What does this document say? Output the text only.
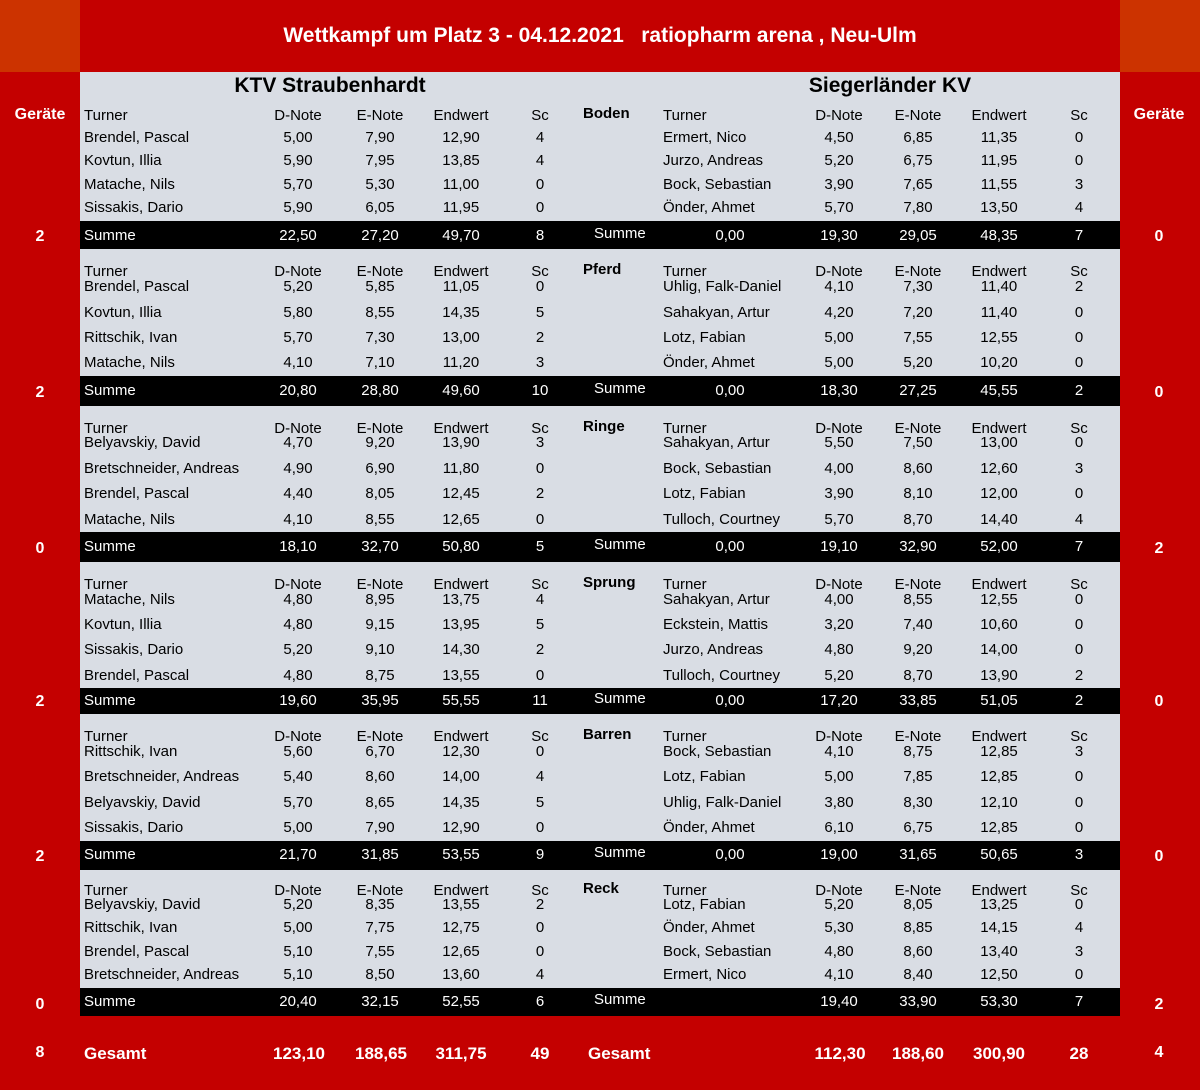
Wettkampf um Platz 3 - 04.12.2021   ratiopharm arena , Neu-Ulm
KTV Straubenhardt	Siegerländer KV
Geräte	Geräte
Turner	D-Note E-Note Endwert	Sc Boden Turner	D-Note E-Note Endwert	Sc
Brendel, Pascal	5,00	7,90	12,90	4	Ermert, Nico	4,50	6,85	11,35	0
Kovtun, Illia	5,90	7,95	13,85	4	Jurzo, Andreas	5,20	6,75	11,95	0
Matache, Nils	5,70	5,30	11,00	0	Bock, Sebastian	3,90	7,65	11,55	3
Sissakis, Dario	5,90	6,05	11,95	0	Önder, Ahmet	5,70	7,80	13,50	4
Summe	22,50	27,20	49,70	8	Summe	0,00	19,30	29,05	48,35	7
2	0
Turner	D-Note E-Note Endwert	Sc Pferd	Turner	D-Note E-Note Endwert	Sc
Brendel, Pascal	5,20	5,85	11,05	0	Uhlig, Falk-Daniel	4,10	7,30	11,40	2
Kovtun, Illia	5,80	8,55	14,35	5	Sahakyan, Artur	4,20	7,20	11,40	0
Rittschik, Ivan	5,70	7,30	13,00	2	Lotz, Fabian	5,00	7,55	12,55	0
Matache, Nils	4,10	7,10	11,20	3	Önder, Ahmet	5,00	5,20	10,20	0
Summe	20,80	28,80	49,60	10	Summe	0,00	18,30	27,25	45,55	2
2	0
Turner	D-Note E-Note Endwert	Sc Ringe	Turner	D-Note E-Note Endwert	Sc
Belyavskiy, David	4,70	9,20	13,90	3	Sahakyan, Artur	5,50	7,50	13,00	0
Bretschneider, Andreas	4,90	6,90	11,80	0	Bock, Sebastian	4,00	8,60	12,60	3
Brendel, Pascal	4,40	8,05	12,45	2	Lotz, Fabian	3,90	8,10	12,00	0
Matache, Nils	4,10	8,55	12,65	0	Tulloch, Courtney	5,70	8,70	14,40	4
Summe	18,10	32,70	50,80	5	Summe	0,00	19,10	32,90	52,00	7
0	2
Turner	D-Note E-Note Endwert	Sc Sprung Turner	D-Note E-Note Endwert	Sc
Matache, Nils	4,80	8,95	13,75	4	Sahakyan, Artur	4,00	8,55	12,55	0
Kovtun, Illia	4,80	9,15	13,95	5	Eckstein, Mattis	3,20	7,40	10,60	0
Sissakis, Dario	5,20	9,10	14,30	2	Jurzo, Andreas	4,80	9,20	14,00	0
Brendel, Pascal	4,80	8,75	13,55	0	Tulloch, Courtney	5,20	8,70	13,90	2
Summe	19,60	35,95	55,55	11	Summe	0,00	17,20	33,85	51,05	2
2	0
Turner	D-Note E-Note Endwert	Sc Barren Turner	D-Note E-Note Endwert	Sc
Rittschik, Ivan	5,60	6,70	12,30	0	Bock, Sebastian	4,10	8,75	12,85	3
Bretschneider, Andreas	5,40	8,60	14,00	4	Lotz, Fabian	5,00	7,85	12,85	0
Belyavskiy, David	5,70	8,65	14,35	5	Uhlig, Falk-Daniel	3,80	8,30	12,10	0
Sissakis, Dario	5,00	7,90	12,90	0	Önder, Ahmet	6,10	6,75	12,85	0
Summe	21,70	31,85	53,55	9	Summe	0,00	19,00	31,65	50,65	3
2	0
Turner	D-Note E-Note Endwert	Sc Reck	Turner	D-Note E-Note Endwert	Sc
Belyavskiy, David	5,20	8,35	13,55	2	Lotz, Fabian	5,20	8,05	13,25	0
Rittschik, Ivan	5,00	7,75	12,75	0	Önder, Ahmet	5,30	8,85	14,15	4
Brendel, Pascal	5,10	7,55	12,65	0	Bock, Sebastian	4,80	8,60	13,40	3
Bretschneider, Andreas	5,10	8,50	13,60	4	Ermert, Nico	4,10	8,40	12,50	0
Summe	20,40	32,15	52,55	6	Summe	19,40	33,90	53,30	7
0	2
8 Gesamt	123,10 188,65 311,75	49 Gesamt	112,30 188,60 300,90	28	4
